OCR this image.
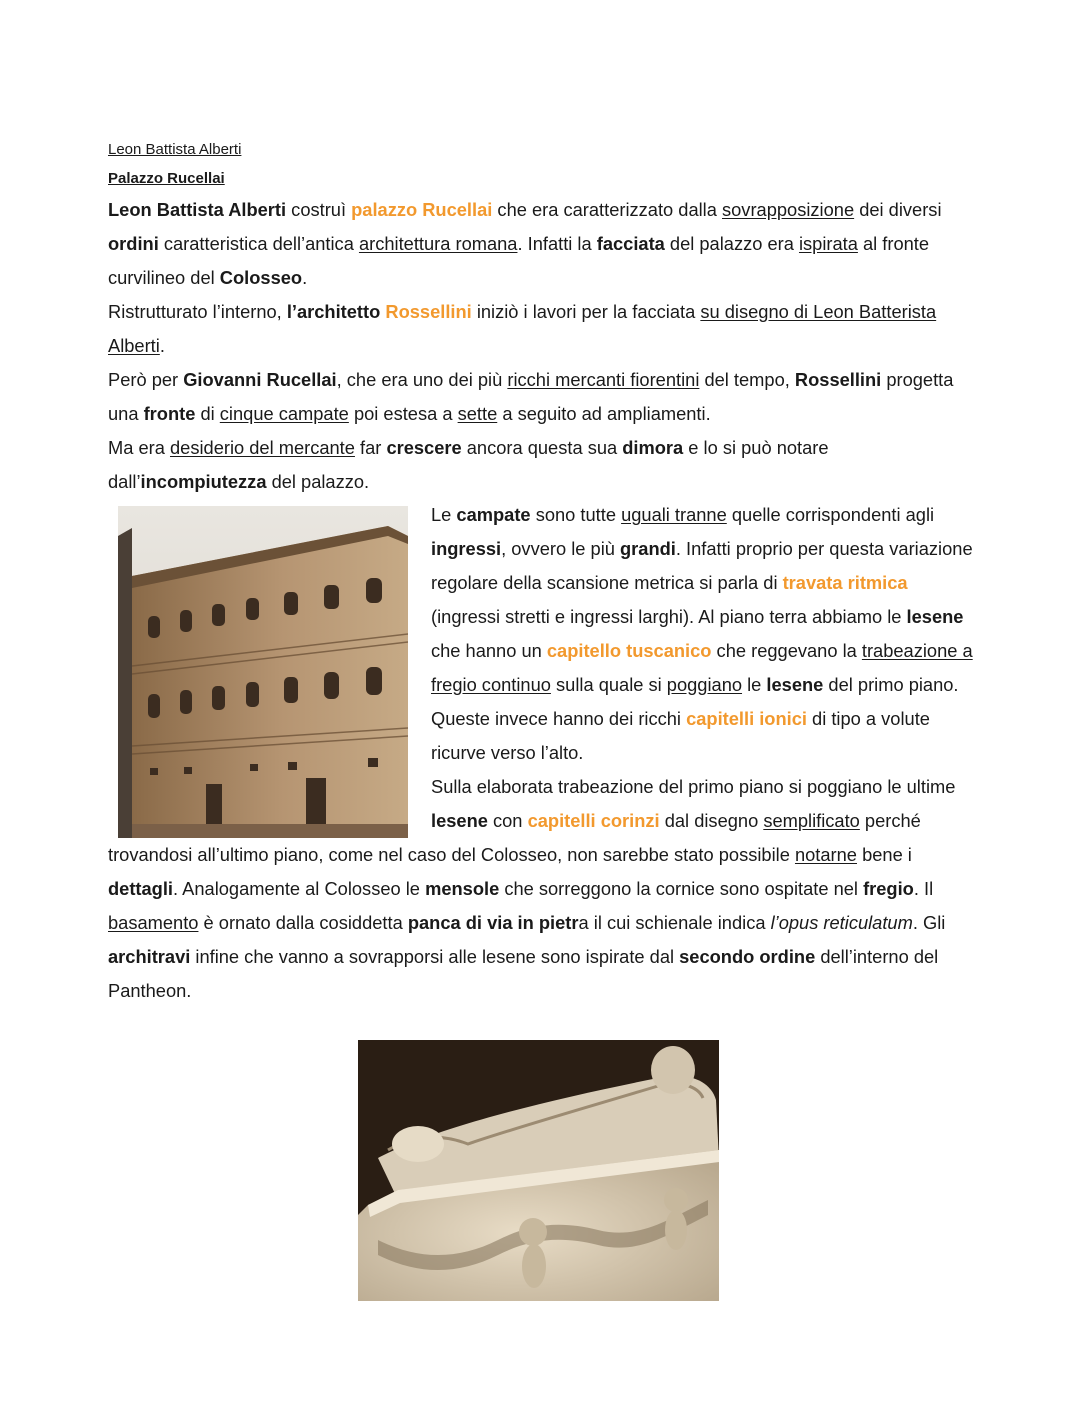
Leon Battista Alberti
Palazzo Rucellai
Leon Battista Alberti costruì palazzo Rucellai che era caratterizzato dalla sovrapposizione dei diversi ordini caratteristica dell’antica architettura romana. Infatti la facciata del palazzo era ispirata al fronte curvilineo del Colosseo.
Ristrutturato l’interno, l’architetto Rossellini iniziò i lavori per la facciata su disegno di Leon Batterista Alberti.
Però per Giovanni Rucellai, che era uno dei più ricchi mercanti fiorentini del tempo, Rossellini progetta una fronte di cinque campate poi estesa a sette a seguito ad ampliamenti.
Ma era desiderio del mercante far crescere ancora questa sua dimora e lo si può notare dall’incompiutezza del palazzo.
Le campate sono tutte uguali tranne quelle corrispondenti agli ingressi, ovvero le più grandi. Infatti proprio per questa variazione regolare della scansione metrica si parla di travata ritmica (ingressi stretti e ingressi larghi). Al piano terra abbiamo le lesene che hanno un capitello tuscanico che reggevano la trabeazione a fregio continuo sulla quale si poggiano le lesene del primo piano. Queste invece hanno dei ricchi capitelli ionici di tipo a volute ricurve verso l’alto.
Sulla elaborata trabeazione del primo piano si poggiano le ultime lesene con capitelli corinzi dal disegno semplificato perché trovandosi all’ultimo piano, come nel caso del Colosseo, non sarebbe stato possibile notarne bene i dettagli. Analogamente al Colosseo le mensole che sorreggono la cornice sono ospitate nel fregio. Il basamento è ornato dalla cosiddetta panca di via in pietra il cui schienale indica l’opus reticulatum. Gli architravi infine che vanno a sovrapporsi alle lesene sono ispirate dal secondo ordine dell’interno del Pantheon.
